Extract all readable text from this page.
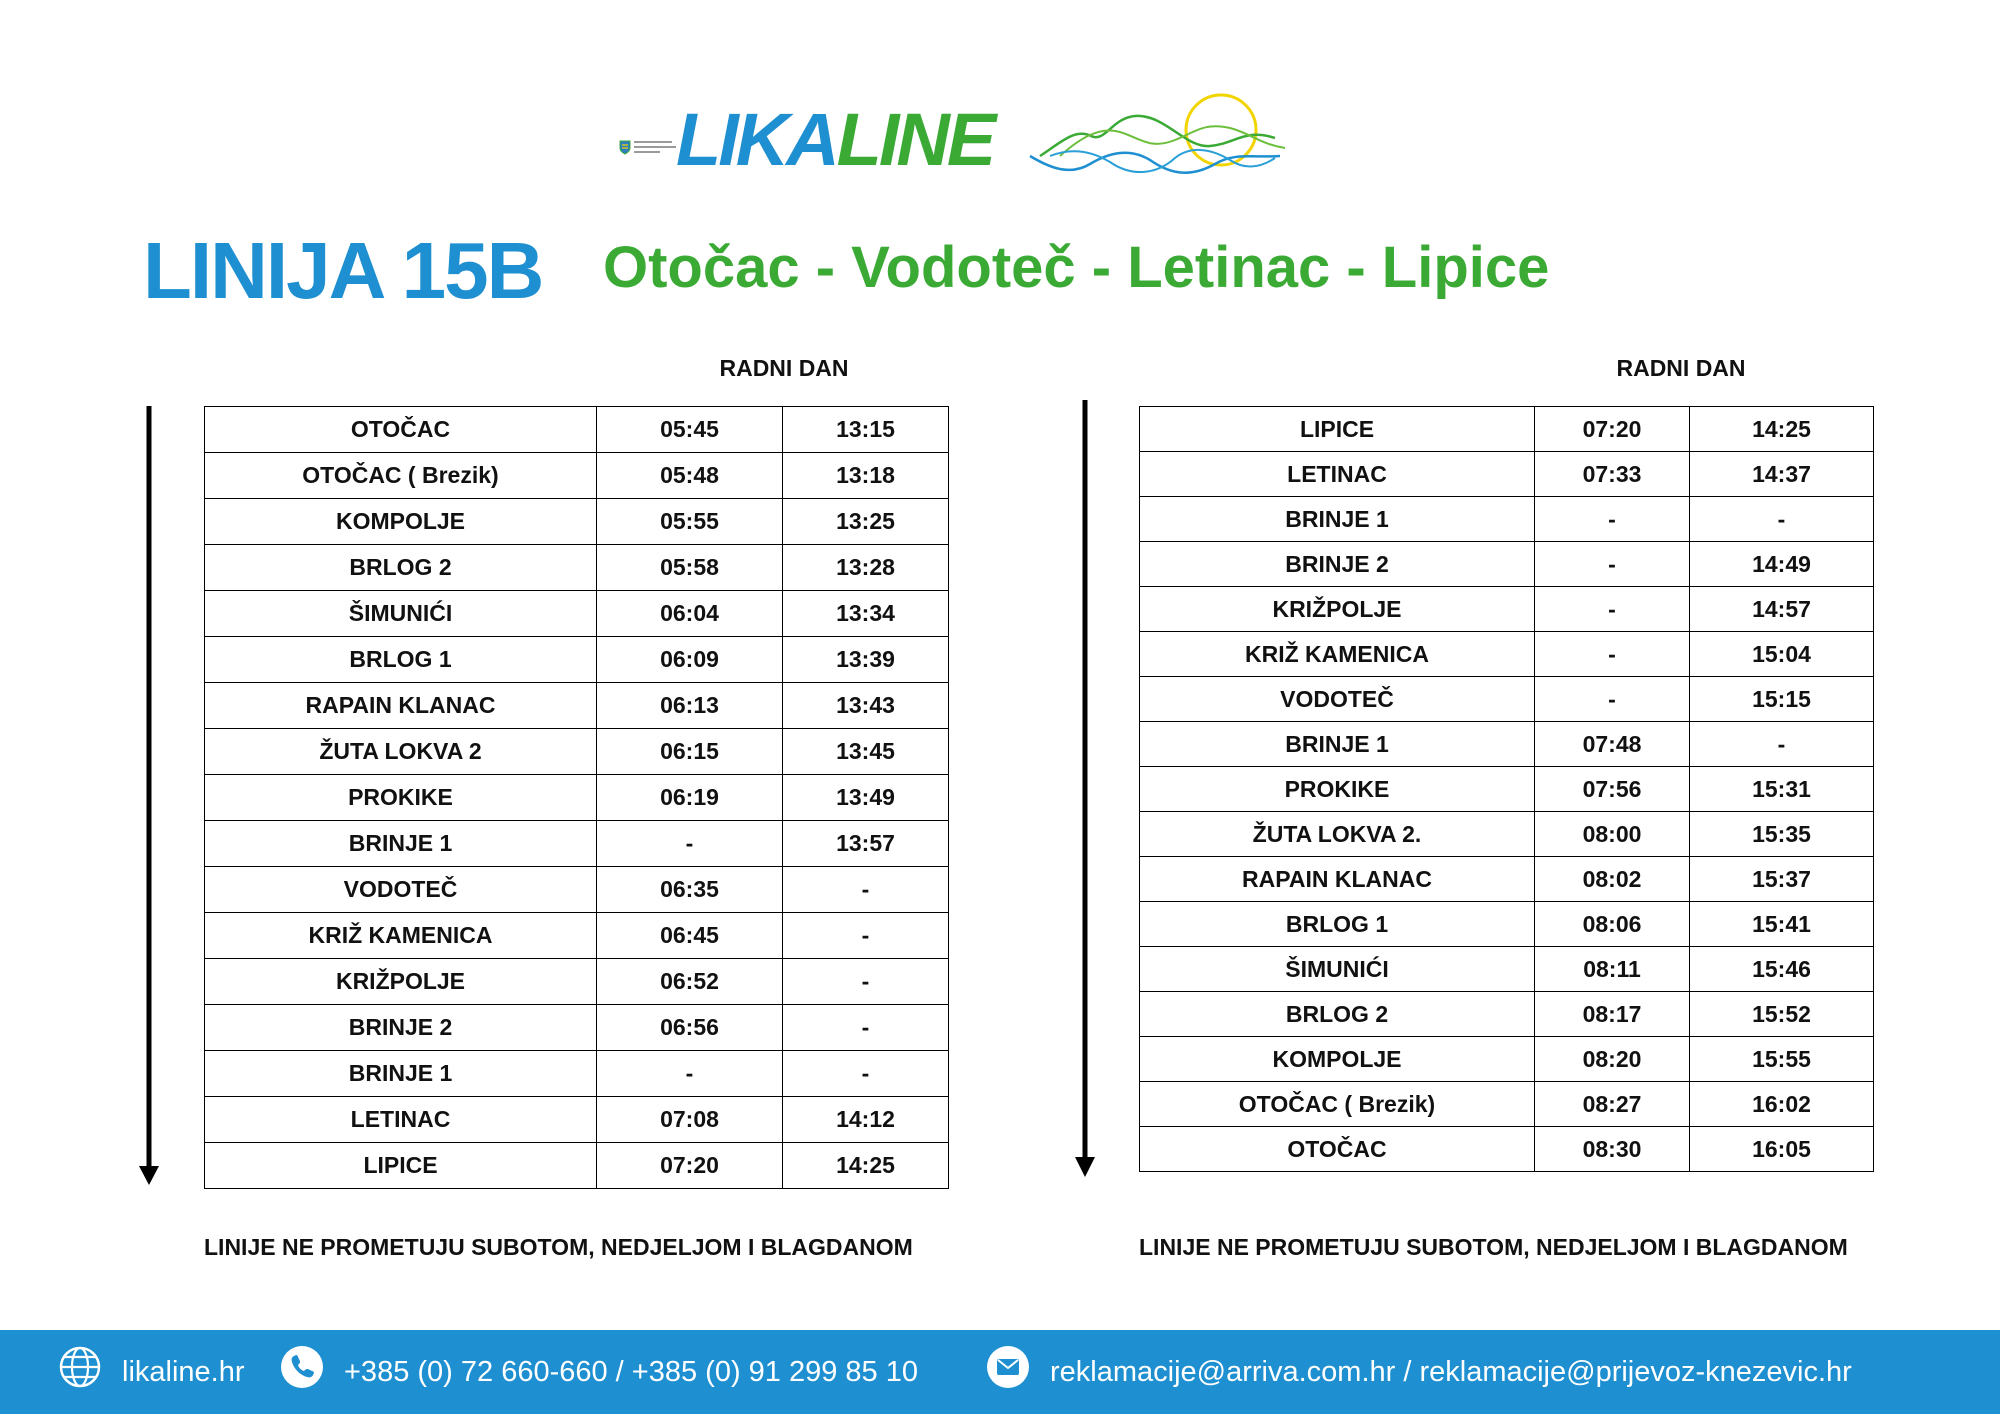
LIKALINE
LINIJA 15B Otočac - Vodoteč - Letinac - Lipice
RADNI DAN	RADNI DAN
OTOČAC	05:45	13:15
OTOČAC ( Brezik)	05:48	13:18
KOMPOLJE	05:55	13:25
BRLOG 2	05:58	13:28
ŠIMUNIĆI	06:04	13:34
BRLOG 1	06:09	13:39
RAPAIN KLANAC	06:13	13:43
ŽUTA LOKVA 2	06:15	13:45
PROKIKE	06:19	13:49
BRINJE 1	-	13:57
VODOTEČ	06:35	-
KRIŽ KAMENICA	06:45	-
KRIŽPOLJE	06:52	-
BRINJE 2	06:56	-
BRINJE 1	-	-
LETINAC	07:08	14:12
LIPICE	07:20	14:25
LIPICE	07:20	14:25
LETINAC	07:33	14:37
BRINJE 1	-	-
BRINJE 2	-	14:49
KRIŽPOLJE	-	14:57
KRIŽ KAMENICA	-	15:04
VODOTEČ	-	15:15
BRINJE 1	07:48	-
PROKIKE	07:56	15:31
ŽUTA LOKVA 2.	08:00	15:35
RAPAIN KLANAC	08:02	15:37
BRLOG 1	08:06	15:41
ŠIMUNIĆI	08:11	15:46
BRLOG 2	08:17	15:52
KOMPOLJE	08:20	15:55
OTOČAC ( Brezik)	08:27	16:02
OTOČAC	08:30	16:05
LINIJE NE PROMETUJU SUBOTOM, NEDJELJOM I BLAGDANOM	LINIJE NE PROMETUJU SUBOTOM, NEDJELJOM I BLAGDANOM
likaline.hr	+385 (0) 72 660-660 / +385 (0) 91 299 85 10	reklamacije@arriva.com.hr / reklamacije@prijevoz-knezevic.hr
